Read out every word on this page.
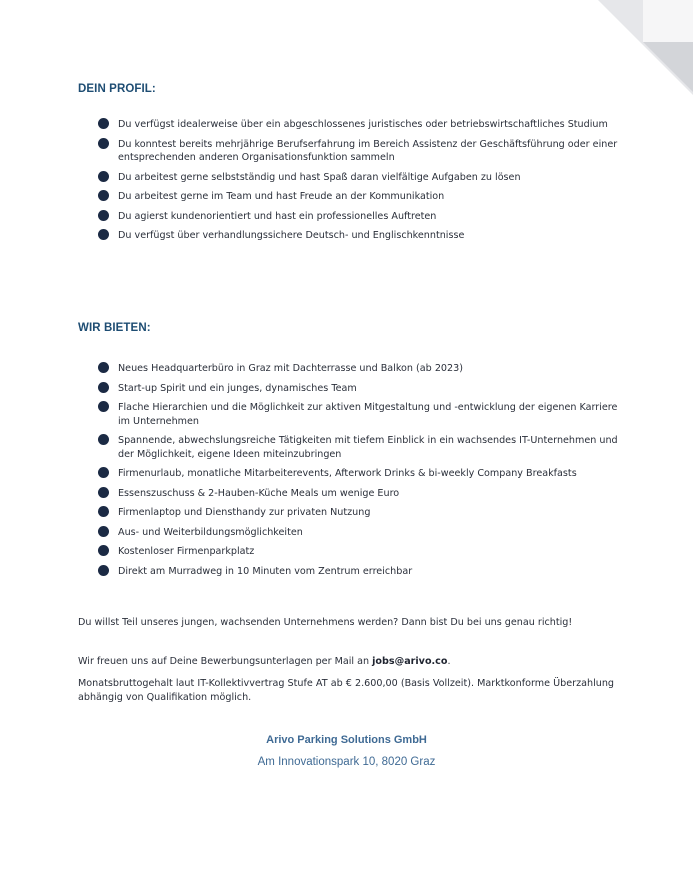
DEIN PROFIL:
Du verfügst idealerweise über ein abgeschlossenes juristisches oder betriebswirtschaftliches Studium
Du konntest bereits mehrjährige Berufserfahrung im Bereich Assistenz der Geschäftsführung oder einer entsprechenden anderen Organisationsfunktion sammeln
Du arbeitest gerne selbstständig und hast Spaß daran vielfältige Aufgaben zu lösen
Du arbeitest gerne im Team und hast Freude an der Kommunikation
Du agierst kundenorientiert und hast ein professionelles Auftreten
Du verfügst über verhandlungssichere Deutsch- und Englischkenntnisse
WIR BIETEN:
Neues Headquarterbüro in Graz mit Dachterrasse und Balkon (ab 2023)
Start-up Spirit und ein junges, dynamisches Team
Flache Hierarchien und die Möglichkeit zur aktiven Mitgestaltung und -entwicklung der eigenen Karriere im Unternehmen
Spannende, abwechslungsreiche Tätigkeiten mit tiefem Einblick in ein wachsendes IT-Unternehmen und der Möglichkeit, eigene Ideen miteinzubringen
Firmenurlaub, monatliche Mitarbeiterevents, Afterwork Drinks & bi-weekly Company Breakfasts
Essenszuschuss & 2-Hauben-Küche Meals um wenige Euro
Firmenlaptop und Diensthandy zur privaten Nutzung
Aus- und Weiterbildungsmöglichkeiten
Kostenloser Firmenparkplatz
Direkt am Murradweg in 10 Minuten vom Zentrum erreichbar
Du willst Teil unseres jungen, wachsenden Unternehmens werden? Dann bist Du bei uns genau richtig!
Wir freuen uns auf Deine Bewerbungsunterlagen per Mail an jobs@arivo.co.
Monatsbruttogehalt laut IT-Kollektivvertrag Stufe AT ab € 2.600,00 (Basis Vollzeit). Marktkonforme Überzahlung abhängig von Qualifikation möglich.
Arivo Parking Solutions GmbH
Am Innovationspark 10, 8020 Graz
